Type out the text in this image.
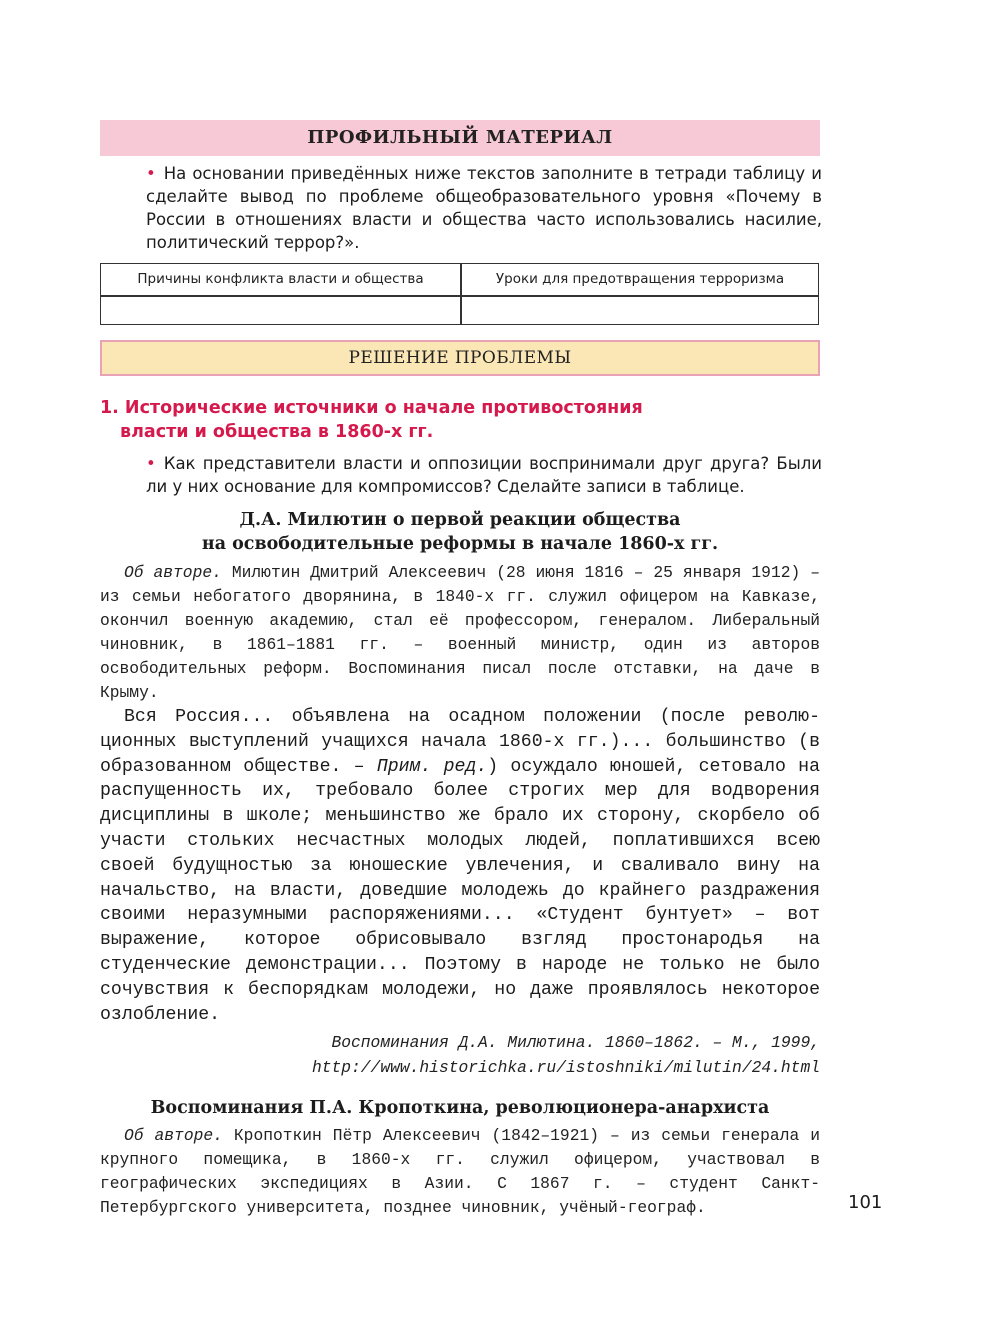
ПРОФИЛЬНЫЙ МАТЕРИАЛ
• На основании приведённых ниже текстов заполните в тетради таблицу и сделайте вывод по проблеме общеобразовательного уровня «Почему в России в отношениях власти и общества часто использовались насилие, политический террор?».
Причины конфликта власти и общества	Уроки для предотвращения терроризма
РЕШЕНИЕ ПРОБЛЕМЫ
1. Исторические источники о начале противостояния
власти и общества в 1860-х гг.
• Как представители власти и оппозиции воспринимали друг друга? Были ли у них основание для компромиссов? Сделайте записи в таблице.
Д.А. Милютин о первой реакции общества
на освободительные реформы в начале 1860-х гг.
Об авторе. Милютин Дмитрий Алексеевич (28 июня 1816 – 25 января 1912) – из семьи небогатого дворянина, в 1840-х гг. служил офицером на Кавказе, окончил военную академию, стал её профессором, генералом. Либеральный чиновник, в 1861–1881 гг. – военный министр, один из авторов освободительных реформ. Воспоминания писал после отставки, на даче в Крыму.
Вся Россия... объявлена на осадном положении (после революционных выступлений учащихся начала 1860-х гг.)... большинство (в образованном обществе. – Прим. ред.) осуждало юношей, сетовало на распущенность их, требовало более строгих мер для водворения дисциплины в школе; меньшинство же брало их сторону, скорбело об участи стольких несчастных молодых людей, поплатившихся всею своей будущностью за юношеские увлечения, и сваливало вину на начальство, на власти, доведшие молодежь до крайнего раздражения своими неразумными распоряжениями... «Студент бунтует» – вот выражение, которое обрисовывало взгляд простонародья на студенческие демонстрации... Поэтому в народе не только не было сочувствия к беспорядкам молодежи, но даже проявлялось некоторое озлобление.
Воспоминания Д.А. Милютина. 1860–1862. – М., 1999,
http://www.historichka.ru/istoshniki/milutin/24.html
Воспоминания П.А. Кропоткина, революционера-анархиста
Об авторе. Кропоткин Пётр Алексеевич (1842–1921) – из семьи генерала и крупного помещика, в 1860-х гг. служил офицером, участвовал в географических экспедициях в Азии. С 1867 г. – студент Санкт-Петербургского университета, позднее чиновник, учёный-географ.	101
